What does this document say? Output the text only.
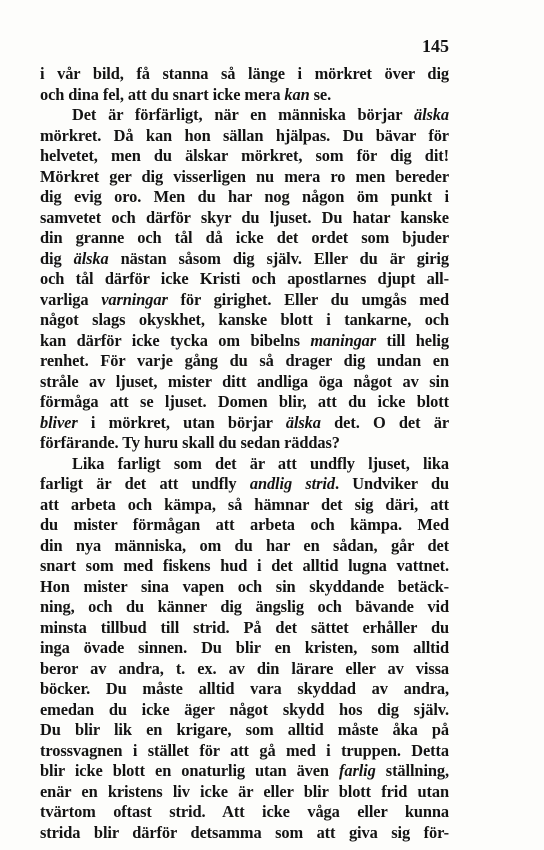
145
i vår bild, få stanna så länge i mörkret över dig
och dina fel, att du snart icke mera kan se.
Det är förfärligt, när en människa börjar älska
mörkret. Då kan hon sällan hjälpas. Du bävar för
helvetet, men du älskar mörkret, som för dig dit!
Mörkret ger dig visserligen nu mera ro men bereder
dig evig oro. Men du har nog någon öm punkt i
samvetet och därför skyr du ljuset. Du hatar kanske
din granne och tål då icke det ordet som bjuder
dig älska nästan såsom dig själv. Eller du är girig
och tål därför icke Kristi och apostlarnes djupt all-
varliga varningar för girighet. Eller du umgås med
något slags okyskhet, kanske blott i tankarne, och
kan därför icke tycka om bibelns maningar till helig
renhet. För varje gång du så drager dig undan en
stråle av ljuset, mister ditt andliga öga något av sin
förmåga att se ljuset. Domen blir, att du icke blott
bliver i mörkret, utan börjar älska det. O det är
förfärande. Ty huru skall du sedan räddas?
Lika farligt som det är att undfly ljuset, lika
farligt är det att undfly andlig strid. Undviker du
att arbeta och kämpa, så hämnar det sig däri, att
du mister förmågan att arbeta och kämpa. Med
din nya människa, om du har en sådan, går det
snart som med fiskens hud i det alltid lugna vattnet.
Hon mister sina vapen och sin skyddande betäck-
ning, och du känner dig ängslig och bävande vid
minsta tillbud till strid. På det sättet erhåller du
inga övade sinnen. Du blir en kristen, som alltid
beror av andra, t. ex. av din lärare eller av vissa
böcker. Du måste alltid vara skyddad av andra,
emedan du icke äger något skydd hos dig själv.
Du blir lik en krigare, som alltid måste åka på
trossvagnen i stället för att gå med i truppen. Detta
blir icke blott en onaturlig utan även farlig ställning,
enär en kristens liv icke är eller blir blott frid utan
tvärtom oftast strid. Att icke våga eller kunna
strida blir därför detsamma som att giva sig för-
